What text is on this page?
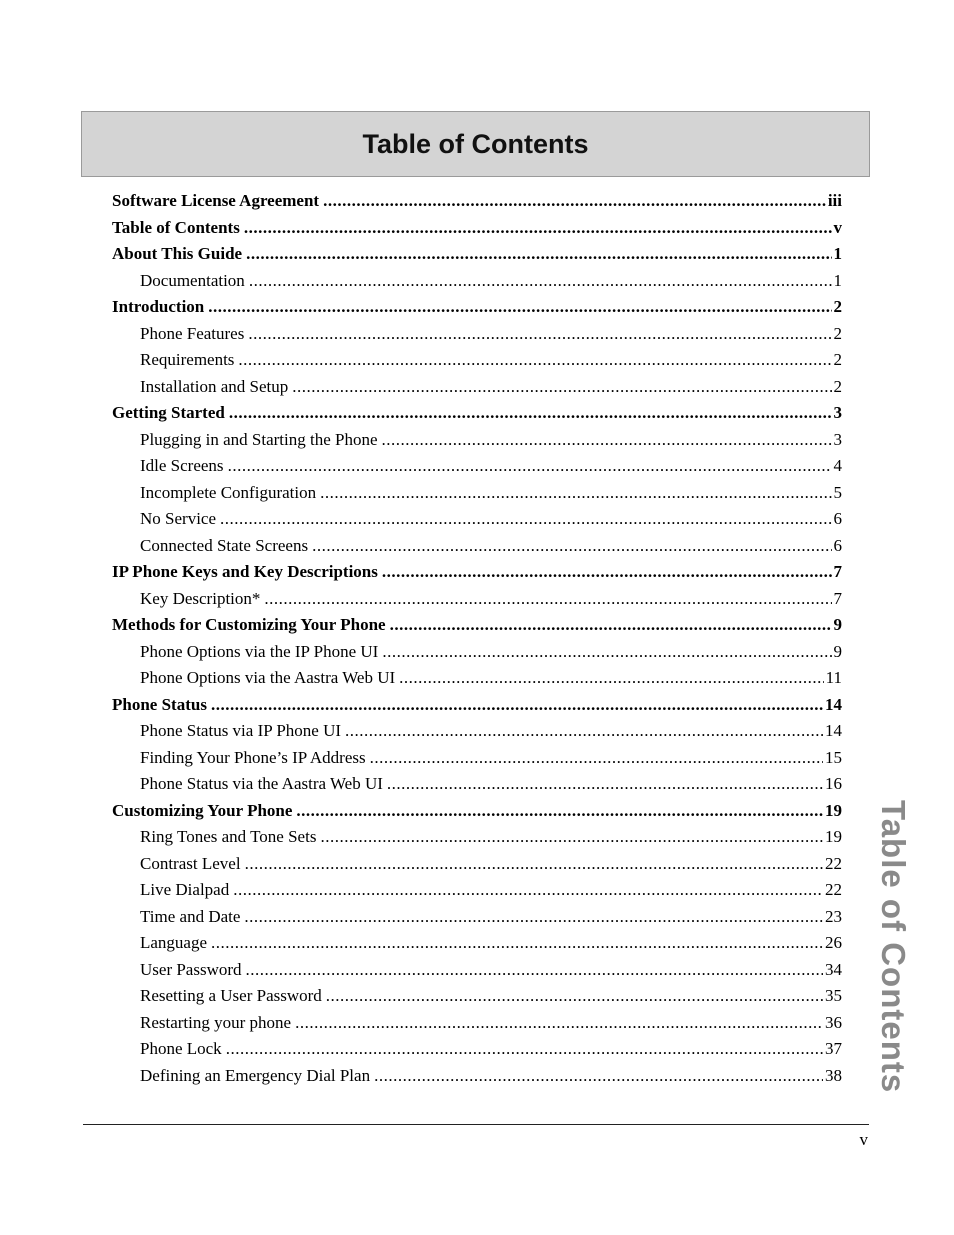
Table of Contents
Software License Agreement .....	iii
Table of Contents .....	v
About This Guide .....	1
Documentation .....	1
Introduction .....	2
Phone Features .....	2
Requirements .....	2
Installation and Setup .....	2
Getting Started .....	3
Plugging in and Starting the Phone .....	3
Idle Screens .....	4
Incomplete Configuration .....	5
No Service .....	6
Connected State Screens .....	6
IP Phone Keys and Key Descriptions .....	7
Key Description* .....	7
Methods for Customizing Your Phone .....	9
Phone Options via the IP Phone UI .....	9
Phone Options via the Aastra Web UI .....	11
Phone Status .....	14
Phone Status via IP Phone UI .....	14
Finding Your Phone’s IP Address .....	15
Phone Status via the Aastra Web UI .....	16
Customizing Your Phone .....	19
Ring Tones and Tone Sets .....	19
Contrast Level .....	22
Live Dialpad .....	22
Time and Date .....	23
Language .....	26
User Password .....	34
Resetting a User Password .....	35
Restarting your phone .....	36
Phone Lock .....	37
Defining an Emergency Dial Plan .....	38 Table of Contents
v
